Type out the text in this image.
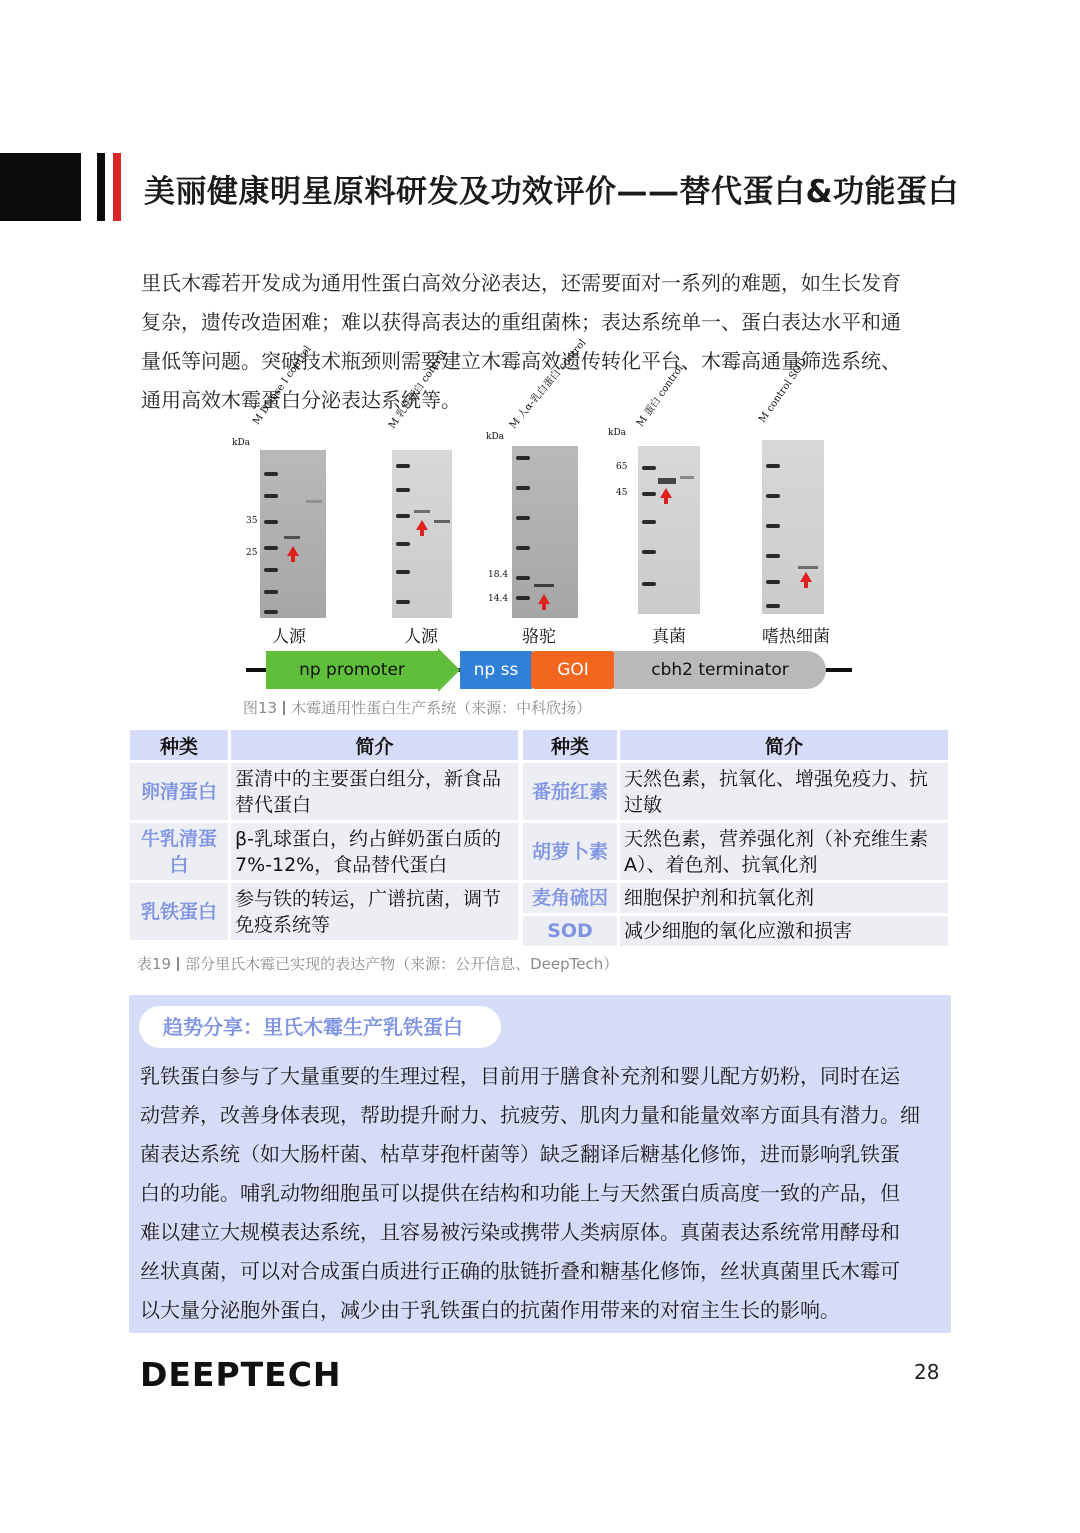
美丽健康明星原料研发及功效评价——替代蛋白&功能蛋白
里氏木霉若开发成为通用性蛋白高效分泌表达，还需要面对一系列的难题，如生长发育
复杂，遗传改造困难；难以获得高表达的重组菌株；表达系统单一、蛋白表达水平和通
量低等问题。突破技术瓶颈则需要建立木霉高效遗传转化平台、木霉高通量筛选系统、
通用高效木霉蛋白分泌表达系统等。
kDa
M DNase I control
35
25
人源
M 乳铁蛋白 control
人源
kDa
M 人α-乳白蛋白 control
18.4
14.4
骆驼
kDa
M 蛋白 control
65
45
真菌
M control SOD
嗜热细菌
np promoter	np ss	GOI	cbh2 terminator
图13 木霉通用性蛋白生产系统（来源：中科欣扬）
种类	简介
卵清蛋白	蛋清中的主要蛋白组分，新食品替代蛋白
牛乳清蛋白	β-乳球蛋白，约占鲜奶蛋白质的7%-12%，食品替代蛋白
乳铁蛋白	参与铁的转运，广谱抗菌，调节免疫系统等
种类	简介
番茄红素	天然色素，抗氧化、增强免疫力、抗过敏
胡萝卜素	天然色素，营养强化剂（补充维生素A）、着色剂、抗氧化剂
麦角硫因	细胞保护剂和抗氧化剂
SOD	减少细胞的氧化应激和损害
表19 部分里氏木霉已实现的表达产物（来源：公开信息、DeepTech）
趋势分享：里氏木霉生产乳铁蛋白
乳铁蛋白参与了大量重要的生理过程，目前用于膳食补充剂和婴儿配方奶粉，同时在运
动营养，改善身体表现，帮助提升耐力、抗疲劳、肌肉力量和能量效率方面具有潜力。细
菌表达系统（如大肠杆菌、枯草芽孢杆菌等）缺乏翻译后糖基化修饰，进而影响乳铁蛋
白的功能。哺乳动物细胞虽可以提供在结构和功能上与天然蛋白质高度一致的产品，但
难以建立大规模表达系统，且容易被污染或携带人类病原体。真菌表达系统常用酵母和
丝状真菌，可以对合成蛋白质进行正确的肽链折叠和糖基化修饰，丝状真菌里氏木霉可
以大量分泌胞外蛋白，减少由于乳铁蛋白的抗菌作用带来的对宿主生长的影响。
DEEPTECH	28
